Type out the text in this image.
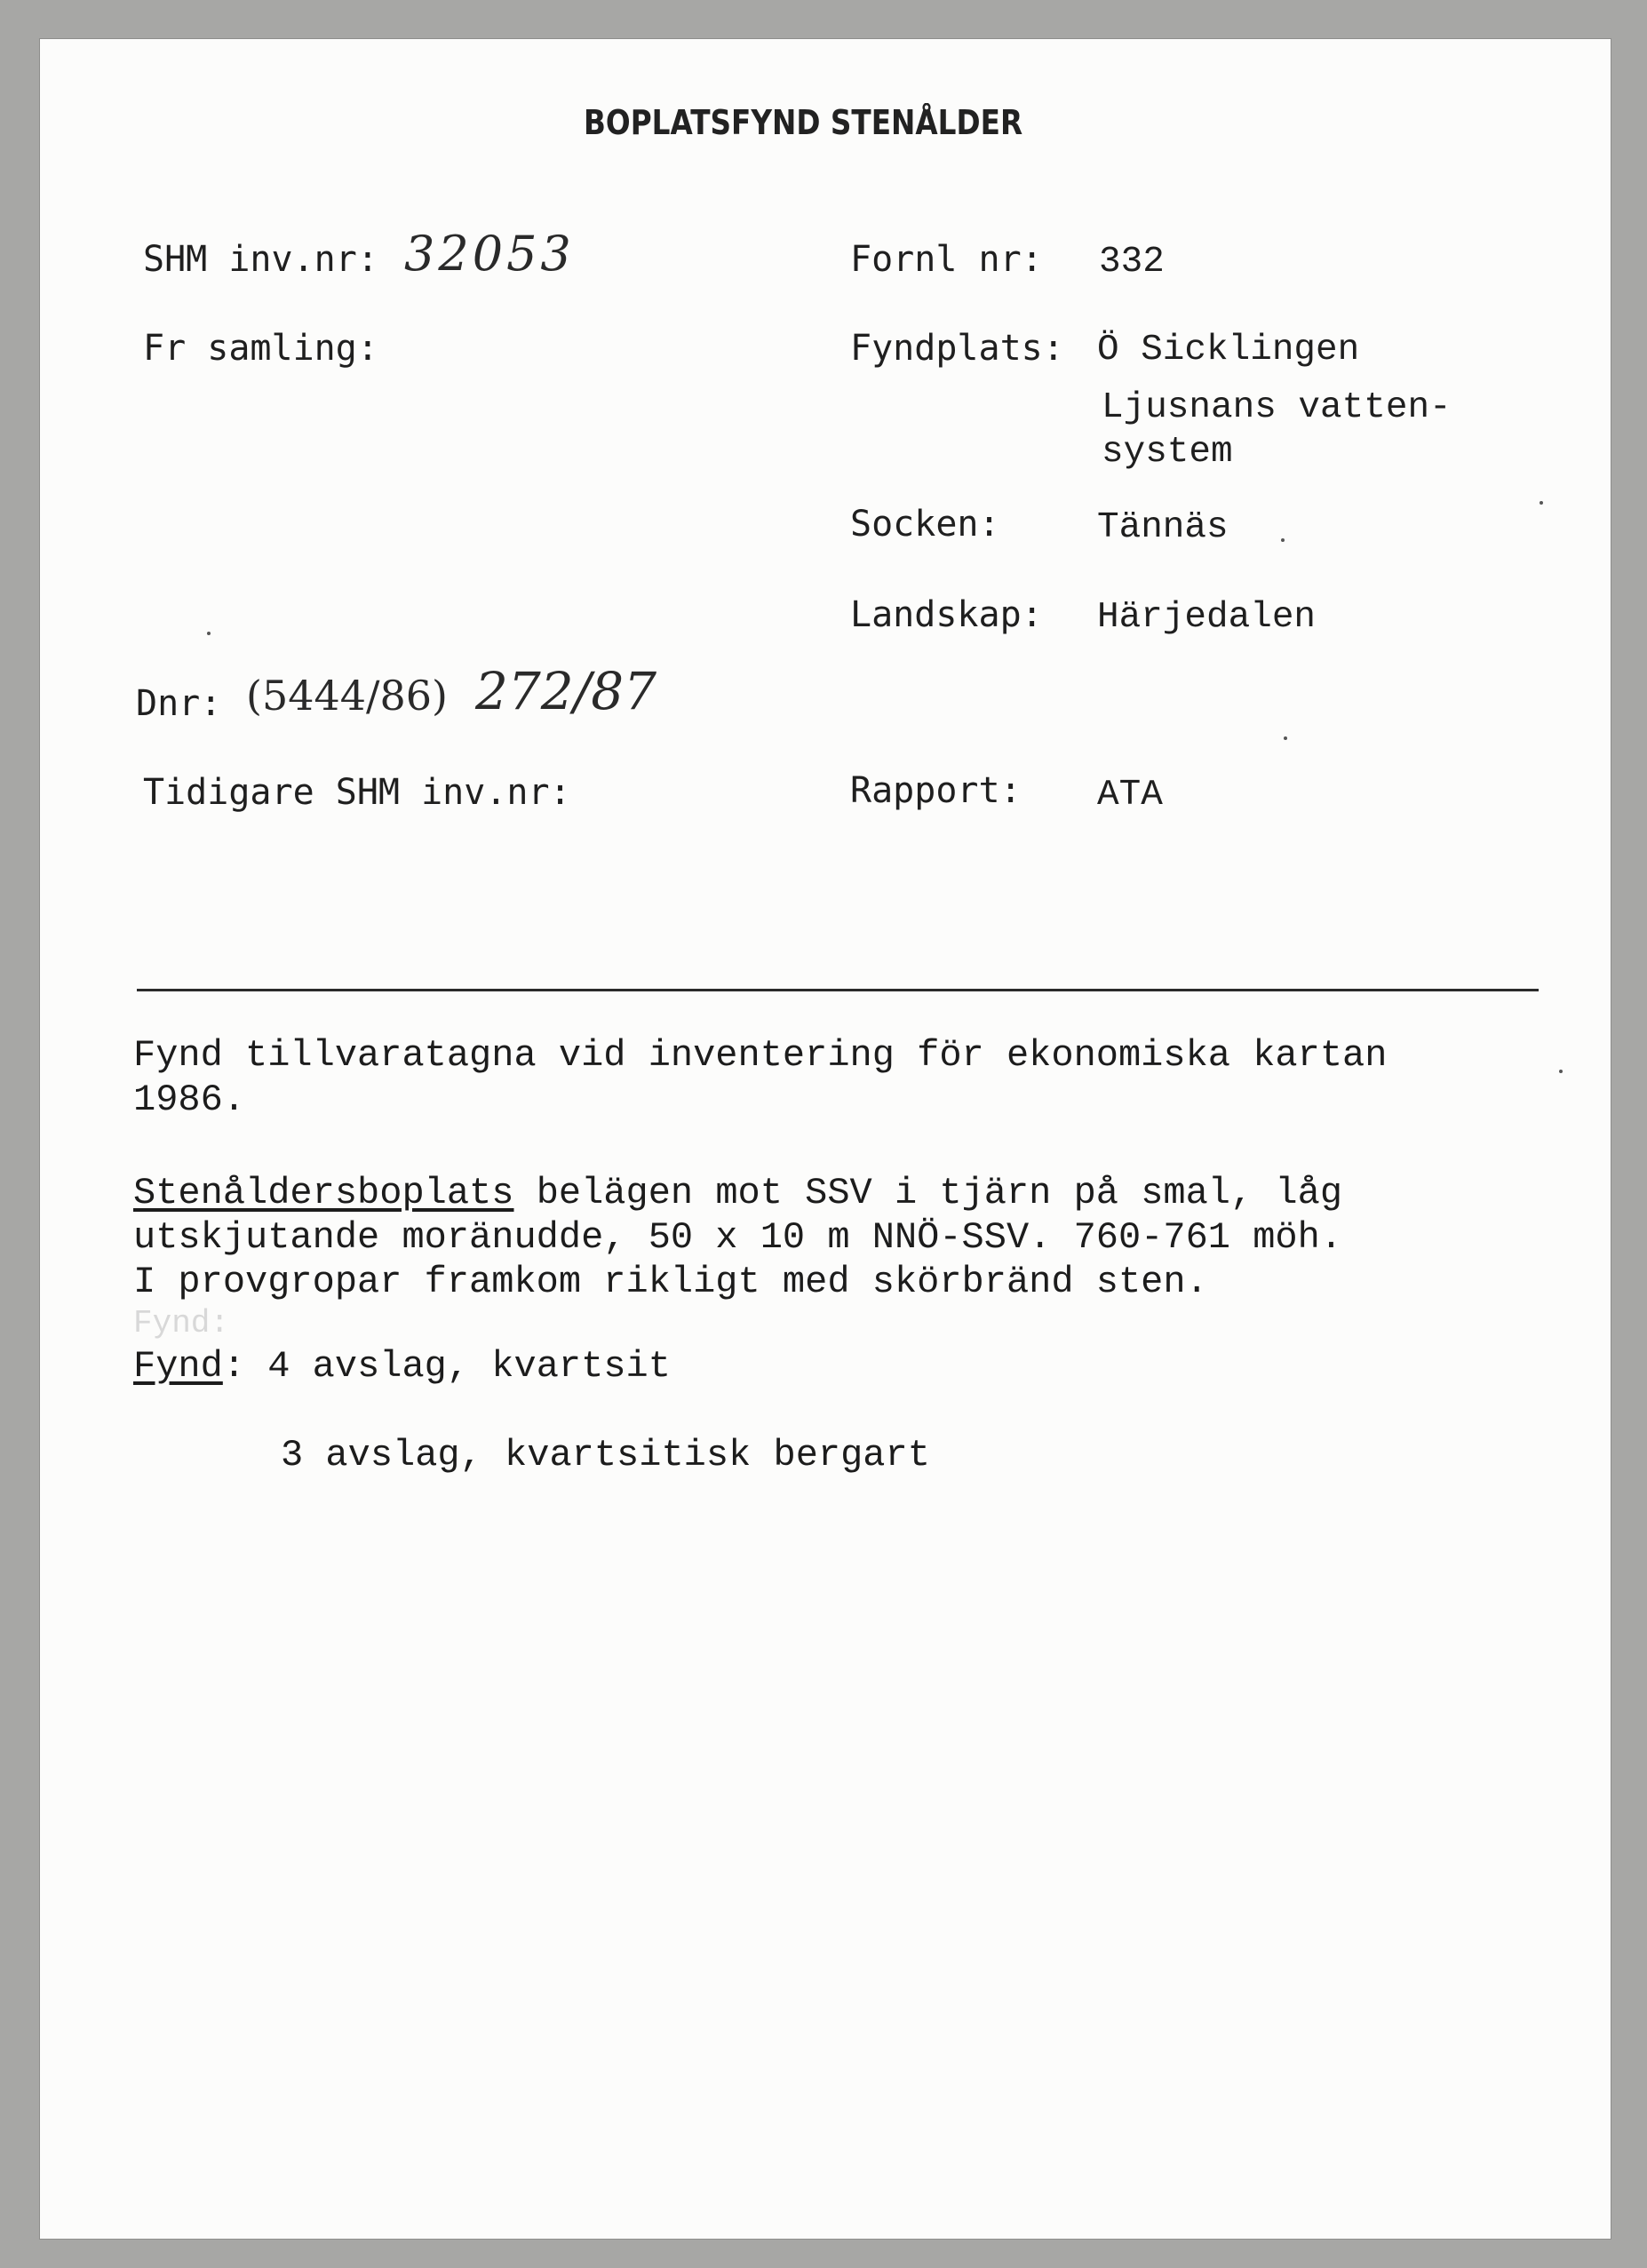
BOPLATSFYND STENÅLDER
SHM inv.nr: 32053
Fr samling:
Dnr: (5444/86) 272/87
Tidigare SHM inv.nr:
Fornl nr: 332
Fyndplats: Ö Sicklingen
Ljusnans vatten-
system
Socken:	Tännäs
Landskap: Härjedalen
Rapport: ATA
Fynd tillvaratagna vid inventering för ekonomiska kartan
1986.
Stenåldersboplats belägen mot SSV i tjärn på smal, låg
utskjutande moränudde, 50 x 10 m NNÖ-SSV. 760-761 möh.
I provgropar framkom rikligt med skörbränd sten.
Fynd:
Fynd: 4 avslag, kvartsit
3 avslag, kvartsitisk bergart
